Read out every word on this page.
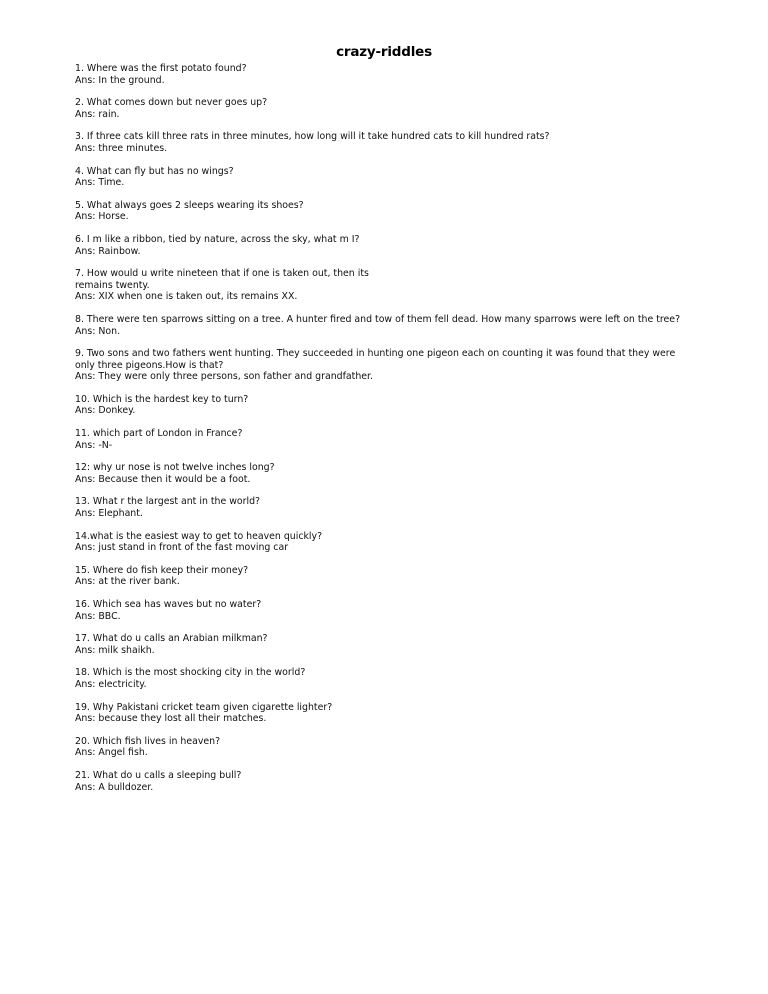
crazy-riddles
1. Where was the first potato found?
Ans: In the ground.
2. What comes down but never goes up?
Ans: rain.
3. If three cats kill three rats in three minutes, how long will it take hundred cats to kill hundred rats?
Ans: three minutes.
4. What can fly but has no wings?
Ans: Time.
5. What always goes 2 sleeps wearing its shoes?
Ans: Horse.
6. I m like a ribbon, tied by nature, across the sky, what m I?
Ans: Rainbow.
7. How would u write nineteen that if one is taken out, then its
remains twenty.
Ans: XIX when one is taken out, its remains XX.
8. There were ten sparrows sitting on a tree. A hunter fired and tow of them fell dead. How many sparrows were left on the tree?
Ans: Non.
9. Two sons and two fathers went hunting. They succeeded in hunting one pigeon each on counting it was found that they were
only three pigeons.How is that?
Ans: They were only three persons, son father and grandfather.
10. Which is the hardest key to turn?
Ans: Donkey.
11. which part of London in France?
Ans: -N-
12: why ur nose is not twelve inches long?
Ans: Because then it would be a foot.
13. What r the largest ant in the world?
Ans: Elephant.
14.what is the easiest way to get to heaven quickly?
Ans: just stand in front of the fast moving car
15. Where do fish keep their money?
Ans: at the river bank.
16. Which sea has waves but no water?
Ans: BBC.
17. What do u calls an Arabian milkman?
Ans: milk shaikh.
18. Which is the most shocking city in the world?
Ans: electricity.
19. Why Pakistani cricket team given cigarette lighter?
Ans: because they lost all their matches.
20. Which fish lives in heaven?
Ans: Angel fish.
21. What do u calls a sleeping bull?
Ans: A bulldozer.
